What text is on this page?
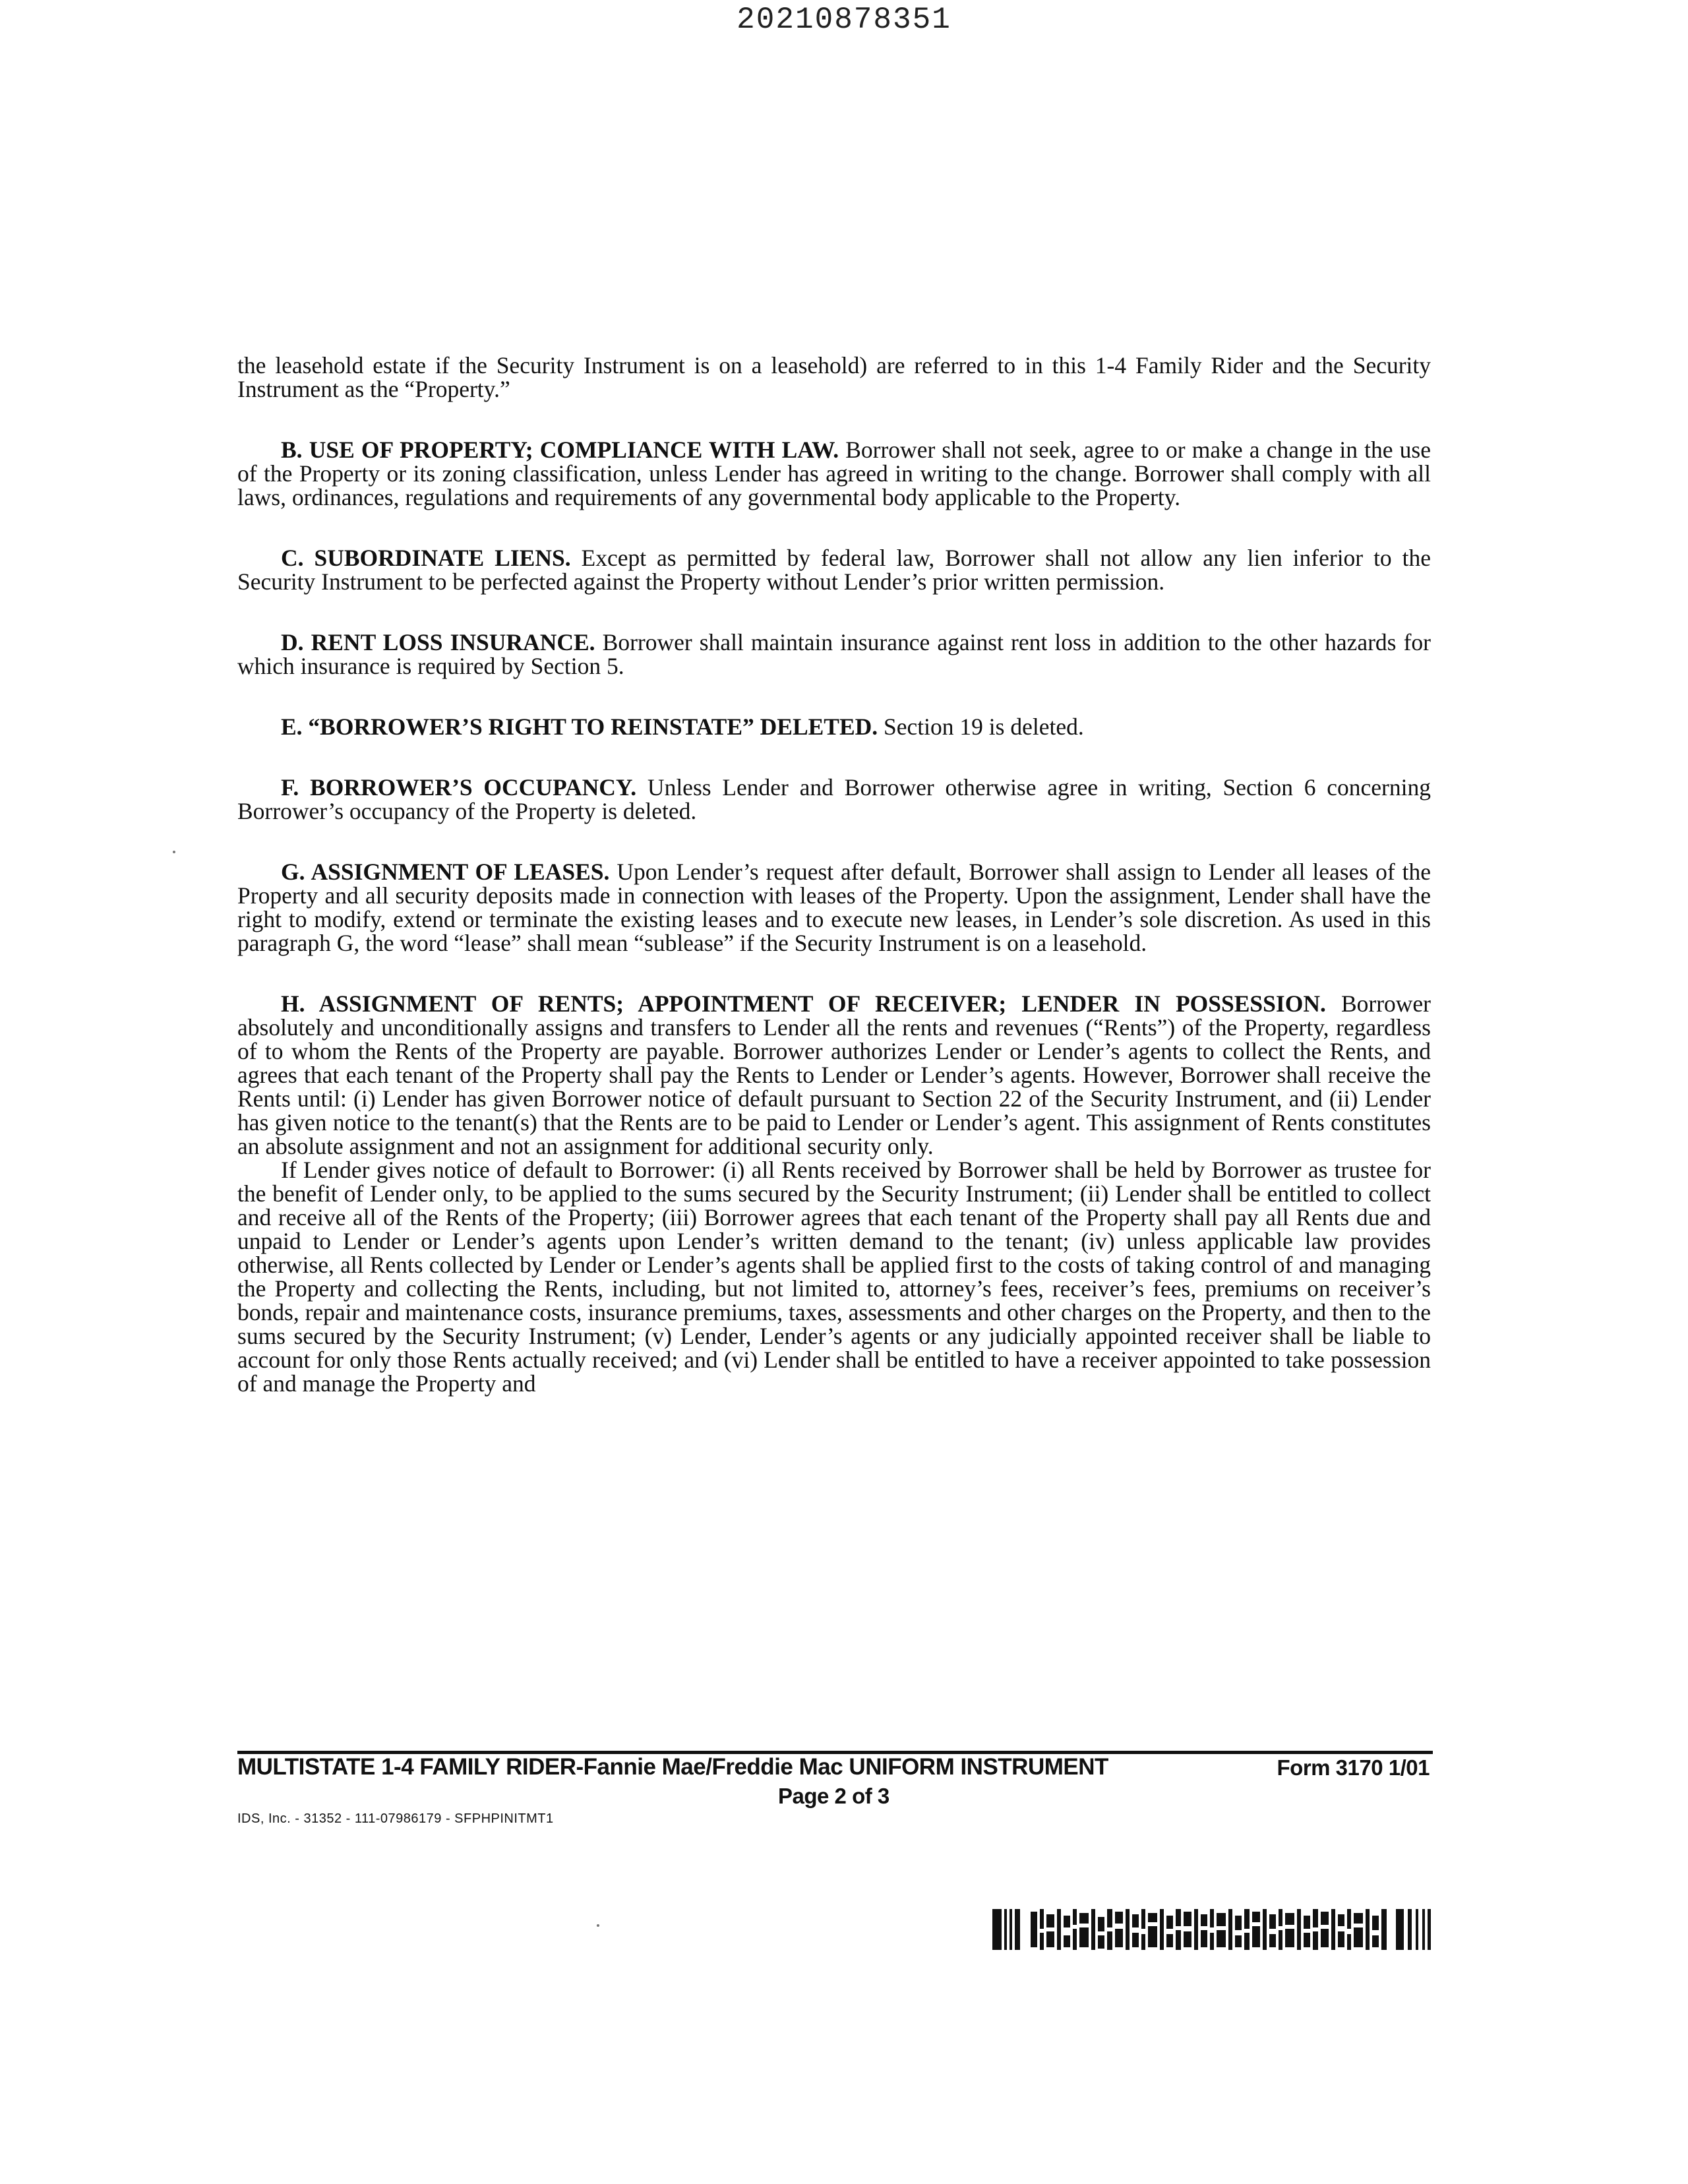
20210878351

the leasehold estate if the Security Instrument is on a leasehold) are referred to in this 1-4 Family Rider and the Security Instrument as the “Property.”

B. USE OF PROPERTY; COMPLIANCE WITH LAW. Borrower shall not seek, agree to or make a change in the use of the Property or its zoning classification, unless Lender has agreed in writing to the change. Borrower shall comply with all laws, ordinances, regulations and requirements of any governmental body applicable to the Property.

C. SUBORDINATE LIENS. Except as permitted by federal law, Borrower shall not allow any lien inferior to the Security Instrument to be perfected against the Property without Lender’s prior written permission.

D. RENT LOSS INSURANCE. Borrower shall maintain insurance against rent loss in addition to the other hazards for which insurance is required by Section 5.

E. “BORROWER’S RIGHT TO REINSTATE” DELETED. Section 19 is deleted.

F. BORROWER’S OCCUPANCY. Unless Lender and Borrower otherwise agree in writing, Section 6 concerning Borrower’s occupancy of the Property is deleted.

G. ASSIGNMENT OF LEASES. Upon Lender’s request after default, Borrower shall assign to Lender all leases of the Property and all security deposits made in connection with leases of the Property. Upon the assignment, Lender shall have the right to modify, extend or terminate the existing leases and to execute new leases, in Lender’s sole discretion. As used in this paragraph G, the word “lease” shall mean “sublease” if the Security Instrument is on a leasehold.

H. ASSIGNMENT OF RENTS; APPOINTMENT OF RECEIVER; LENDER IN POSSESSION. Borrower absolutely and unconditionally assigns and transfers to Lender all the rents and revenues (“Rents”) of the Property, regardless of to whom the Rents of the Property are payable. Borrower authorizes Lender or Lender’s agents to collect the Rents, and agrees that each tenant of the Property shall pay the Rents to Lender or Lender’s agents. However, Borrower shall receive the Rents until: (i) Lender has given Borrower notice of default pursuant to Section 22 of the Security Instrument, and (ii) Lender has given notice to the tenant(s) that the Rents are to be paid to Lender or Lender’s agent. This assignment of Rents constitutes an absolute assignment and not an assignment for additional security only.

If Lender gives notice of default to Borrower: (i) all Rents received by Borrower shall be held by Borrower as trustee for the benefit of Lender only, to be applied to the sums secured by the Security Instrument; (ii) Lender shall be entitled to collect and receive all of the Rents of the Property; (iii) Borrower agrees that each tenant of the Property shall pay all Rents due and unpaid to Lender or Lender’s agents upon Lender’s written demand to the tenant; (iv) unless applicable law provides otherwise, all Rents collected by Lender or Lender’s agents shall be applied first to the costs of taking control of and managing the Property and collecting the Rents, including, but not limited to, attorney’s fees, receiver’s fees, premiums on receiver’s bonds, repair and maintenance costs, insurance premiums, taxes, assessments and other charges on the Property, and then to the sums secured by the Security Instrument; (v) Lender, Lender’s agents or any judicially appointed receiver shall be liable to account for only those Rents actually received; and (vi) Lender shall be entitled to have a receiver appointed to take possession of and manage the Property and

MULTISTATE 1-4 FAMILY RIDER-Fannie Mae/Freddie Mac UNIFORM INSTRUMENT	Form 3170 1/01
Page 2 of 3
IDS, Inc. - 31352 - 111-07986179 - SFPHPINITMT1
